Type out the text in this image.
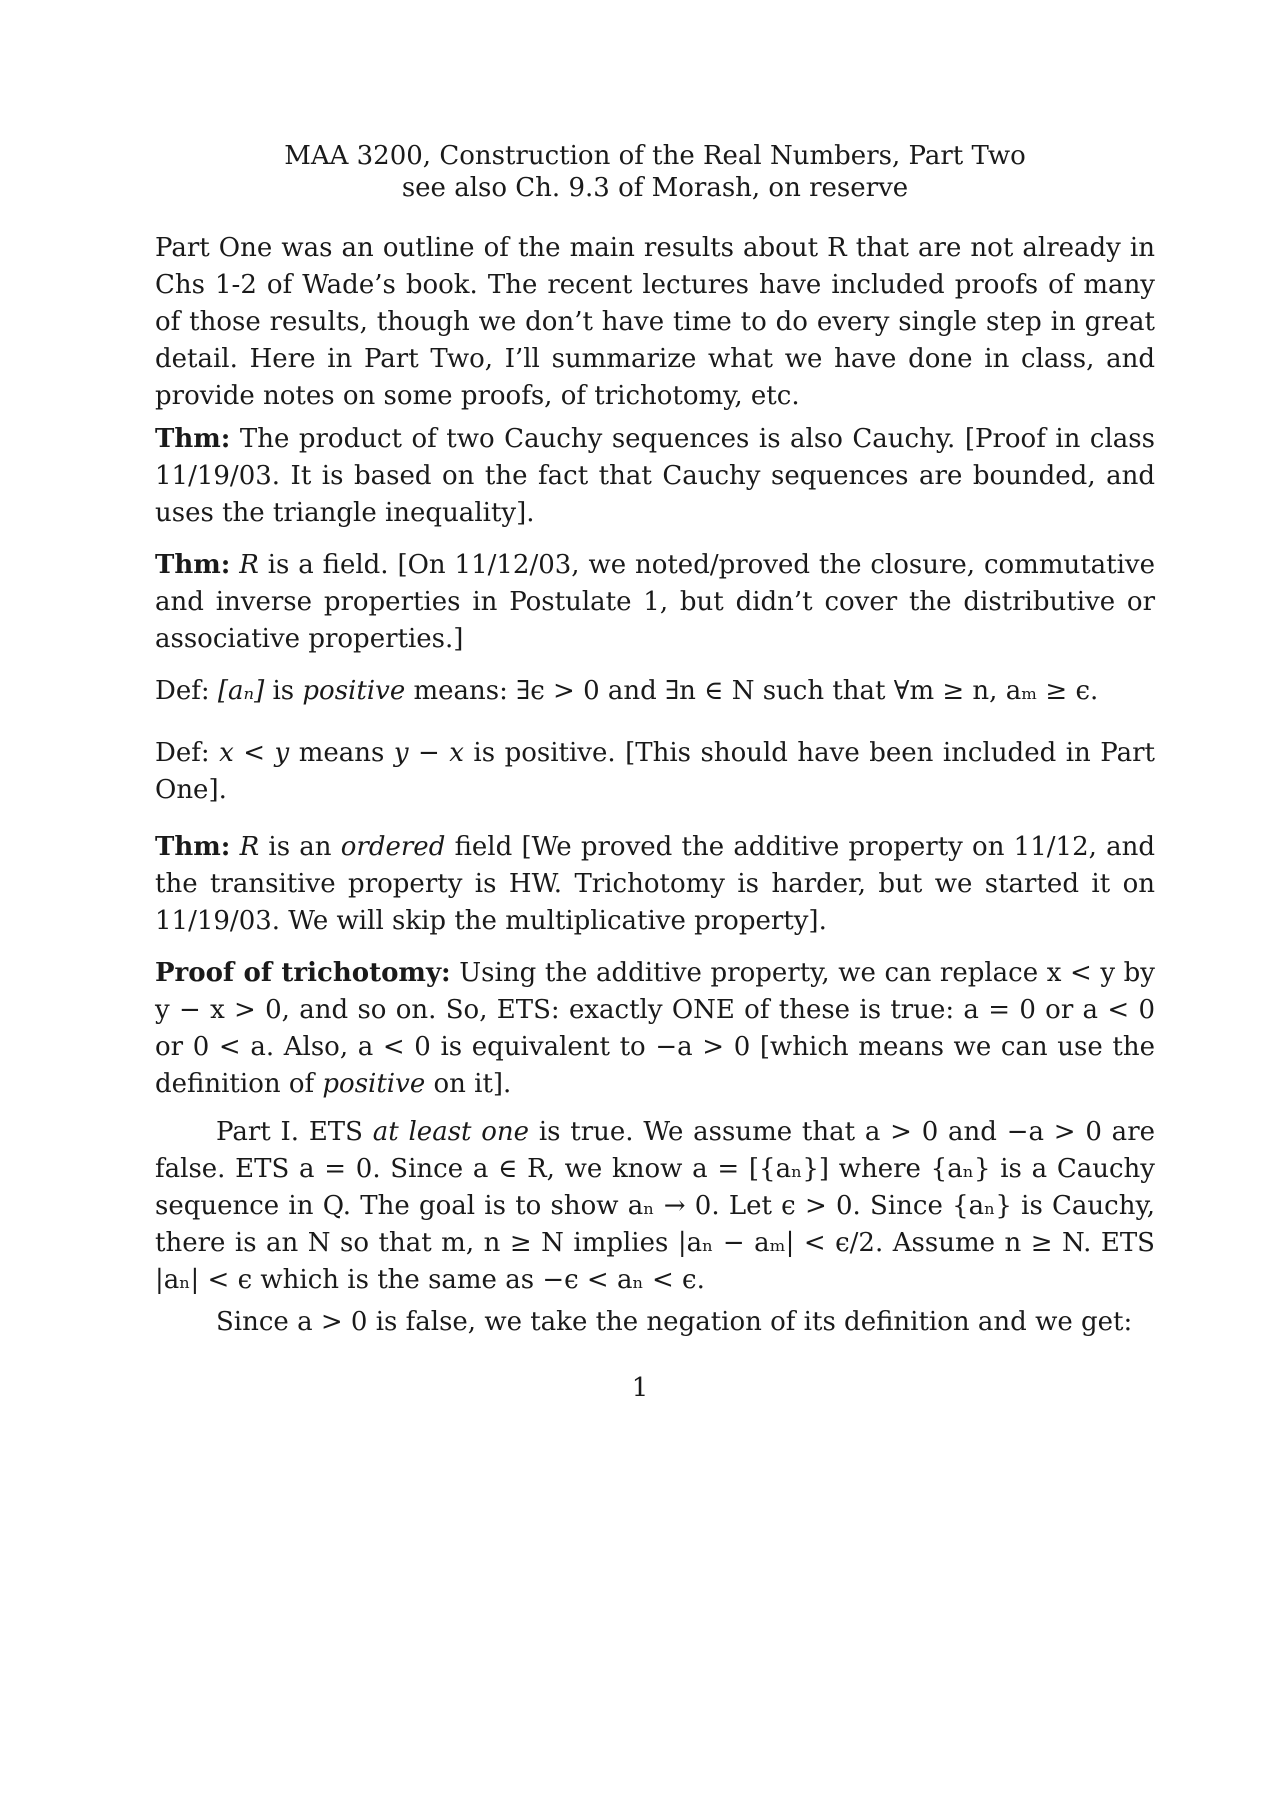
MAA 3200, Construction of the Real Numbers, Part Two

see also Ch. 9.3 of Morash, on reserve

Part One was an outline of the main results about R that are not already in Chs 1-2 of Wade’s book. The recent lectures have included proofs of many of those results, though we don’t have time to do every single step in great detail. Here in Part Two, I’ll summarize what we have done in class, and provide notes on some proofs, of trichotomy, etc.

Thm: The product of two Cauchy sequences is also Cauchy. [Proof in class 11/19/03. It is based on the fact that Cauchy sequences are bounded, and uses the triangle inequality].

Thm: R is a field. [On 11/12/03, we noted/proved the closure, commutative and inverse properties in Postulate 1, but didn’t cover the distributive or associative properties.]

Def: [aₙ] is positive means: ∃ϵ > 0 and ∃n ∈ N such that ∀m ≥ n, aₘ ≥ ϵ.

Def: x < y means y − x is positive. [This should have been included in Part One].

Thm: R is an ordered field [We proved the additive property on 11/12, and the transitive property is HW. Trichotomy is harder, but we started it on 11/19/03. We will skip the multiplicative property].

Proof of trichotomy: Using the additive property, we can replace x < y by y − x > 0, and so on. So, ETS: exactly ONE of these is true: a = 0 or a < 0 or 0 < a. Also, a < 0 is equivalent to −a > 0 [which means we can use the definition of positive on it].

Part I. ETS at least one is true. We assume that a > 0 and −a > 0 are false. ETS a = 0. Since a ∈ R, we know a = [{aₙ}] where {aₙ} is a Cauchy sequence in Q. The goal is to show aₙ → 0. Let ϵ > 0. Since {aₙ} is Cauchy, there is an N so that m, n ≥ N implies |aₙ − aₘ| < ϵ/2. Assume n ≥ N. ETS |aₙ| < ϵ which is the same as −ϵ < aₙ < ϵ.

Since a > 0 is false, we take the negation of its definition and we get:

1
